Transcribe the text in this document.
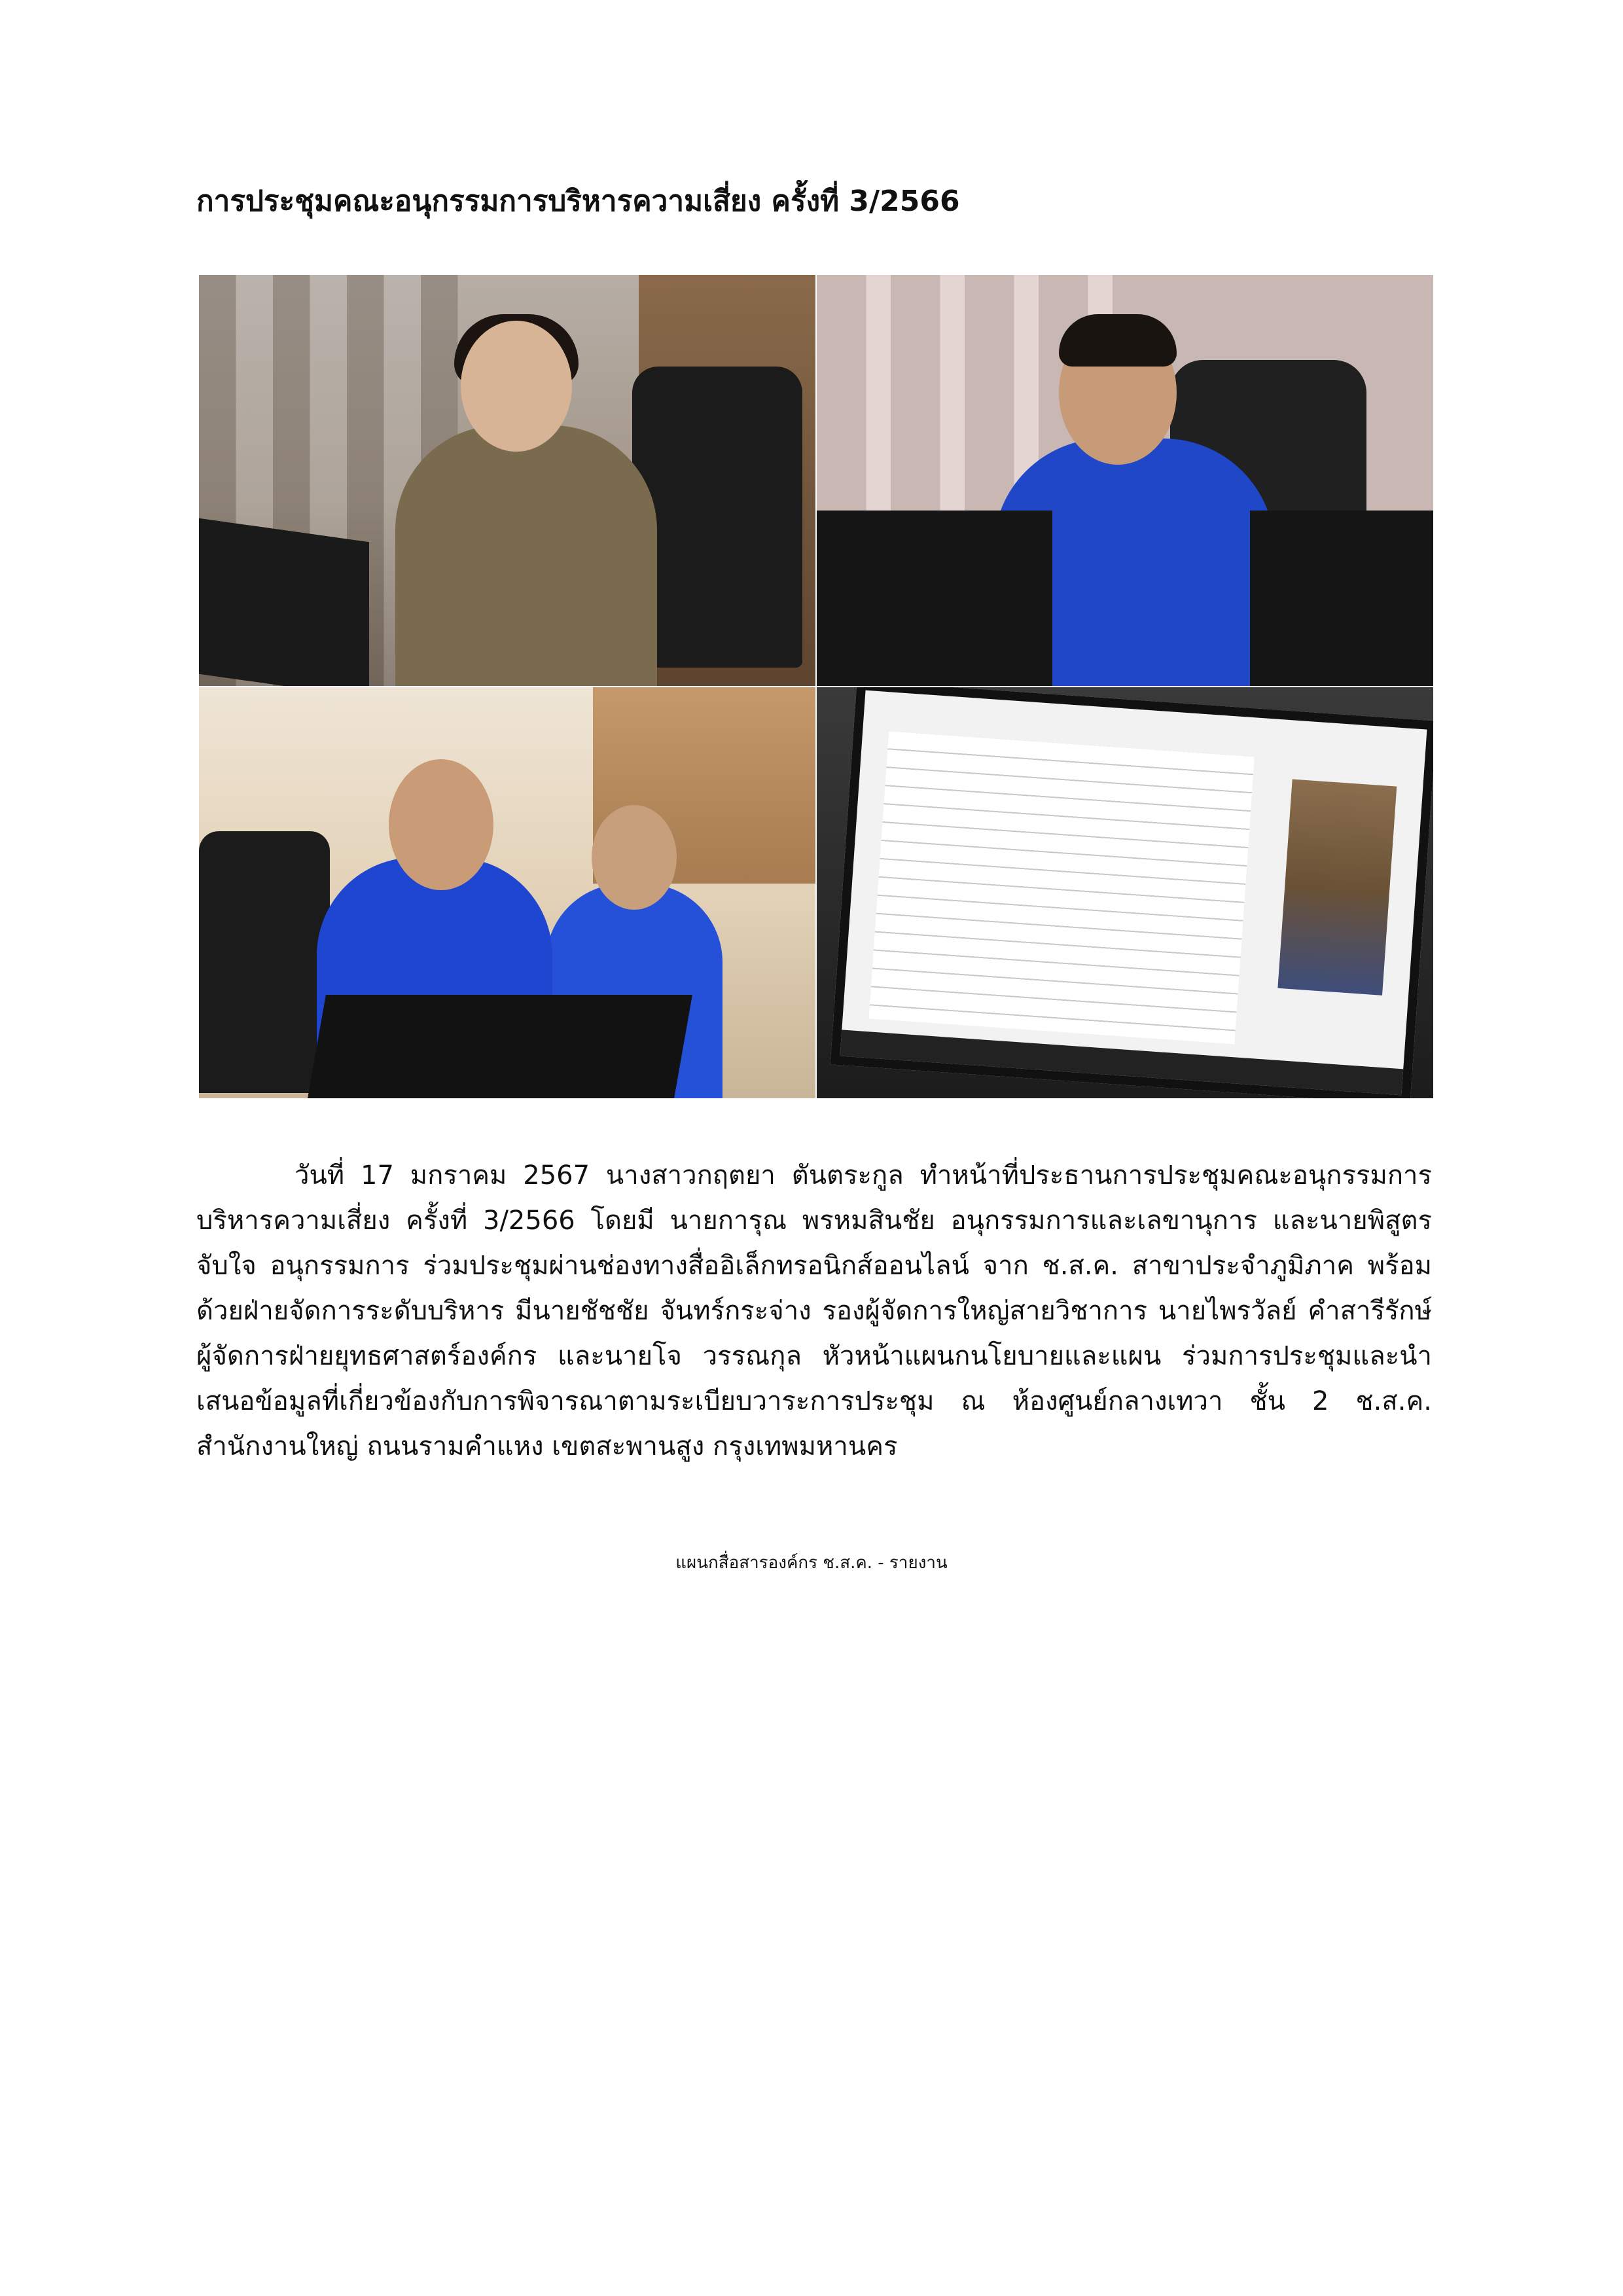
การประชุมคณะอนุกรรมการบริหารความเสี่ยง ครั้งที่ 3/2566

วันที่ 17 มกราคม 2567 นางสาวกฤตยา ตันตระกูล ทำหน้าที่ประธานการประชุมคณะอนุกรรมการบริหารความเสี่ยง ครั้งที่ 3/2566 โดยมี นายการุณ พรหมสินชัย อนุกรรมการและเลขานุการ และนายพิสูตร จับใจ อนุกรรมการ ร่วมประชุมผ่านช่องทางสื่ออิเล็กทรอนิกส์ออนไลน์ จาก ช.ส.ค. สาขาประจำภูมิภาค พร้อมด้วยฝ่ายจัดการระดับบริหาร มีนายชัชชัย จันทร์กระจ่าง รองผู้จัดการใหญ่สายวิชาการ นายไพรวัลย์ คำสารีรักษ์ ผู้จัดการฝ่ายยุทธศาสตร์องค์กร และนายโจ วรรณกุล หัวหน้าแผนกนโยบายและแผน ร่วมการประชุมและนำเสนอข้อมูลที่เกี่ยวข้องกับการพิจารณาตามระเบียบวาระการประชุม ณ ห้องศูนย์กลางเทวา ชั้น 2 ช.ส.ค. สำนักงานใหญ่ ถนนรามคำแหง เขตสะพานสูง กรุงเทพมหานคร

แผนกสื่อสารองค์กร ช.ส.ค. - รายงาน
